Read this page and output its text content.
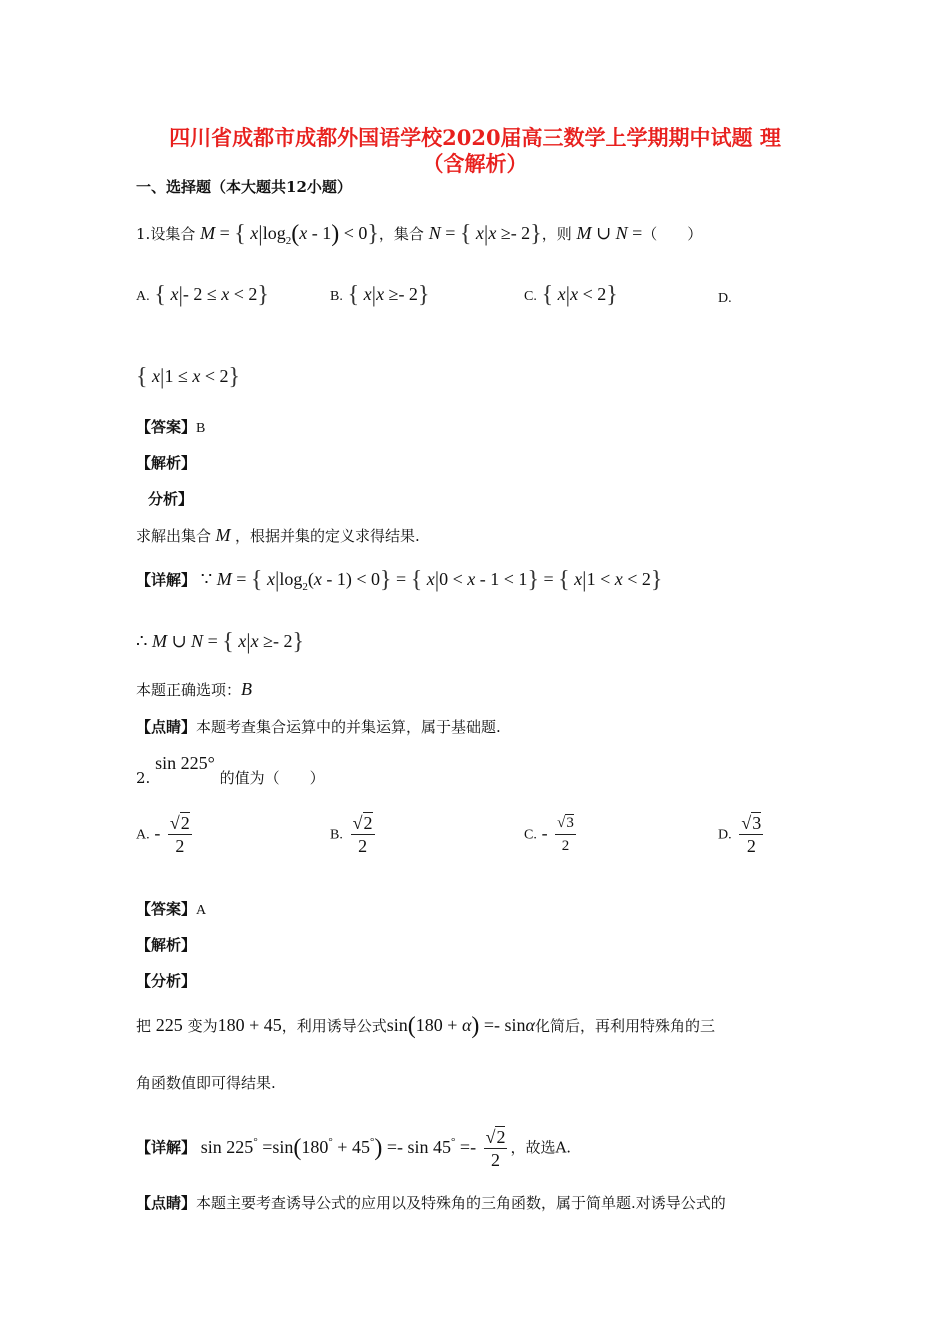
四川省成都市成都外国语学校2020届高三数学上学期期中试题 理
（含解析）
一、选择题（本大题共12小题）
1.设集合 M = { $x|\log_2(x - 1) < 0$}，集合 N = { x|x ≥- 2}，则 M ∪ N =（　　）
A. { x|- 2 ≤ x < 2}	B. { x|x ≥- 2}	C. { x|x < 2}	D.
{ x|1 ≤ x < 2}
【答案】B
【解析】
分析】
求解出集合 M ，根据并集的定义求得结果.
【详解】 ∵ M = { $x|\log_2(x - 1) < 0$} = { x|0 < x - 1 < 1} = { x|1 < x < 2}
∴ M ∪ N = { x|x ≥- 2}
本题正确选项：B
【点睛】本题考查集合运算中的并集运算，属于基础题.
2. sin 225° 的值为（　　）
A. - $\frac{√2}{2}$	B. $\frac{√2}{2}$	C. - $\frac{√3}{2}$	D. $\frac{√3}{2}$
【答案】A
【解析】
【分析】
把 225 变为180 + 45，利用诱导公式sin(180 + α) =- sinα化简后，再利用特殊角的三
角函数值即可得结果.
【详解】 $\sin 225^\circ =\sin(180^\circ + 45^\circ) =- \sin 45^\circ =- \frac{√2}{2}$ ，故选A.
【点睛】本题主要考查诱导公式的应用以及特殊角的三角函数，属于简单题.对诱导公式的
